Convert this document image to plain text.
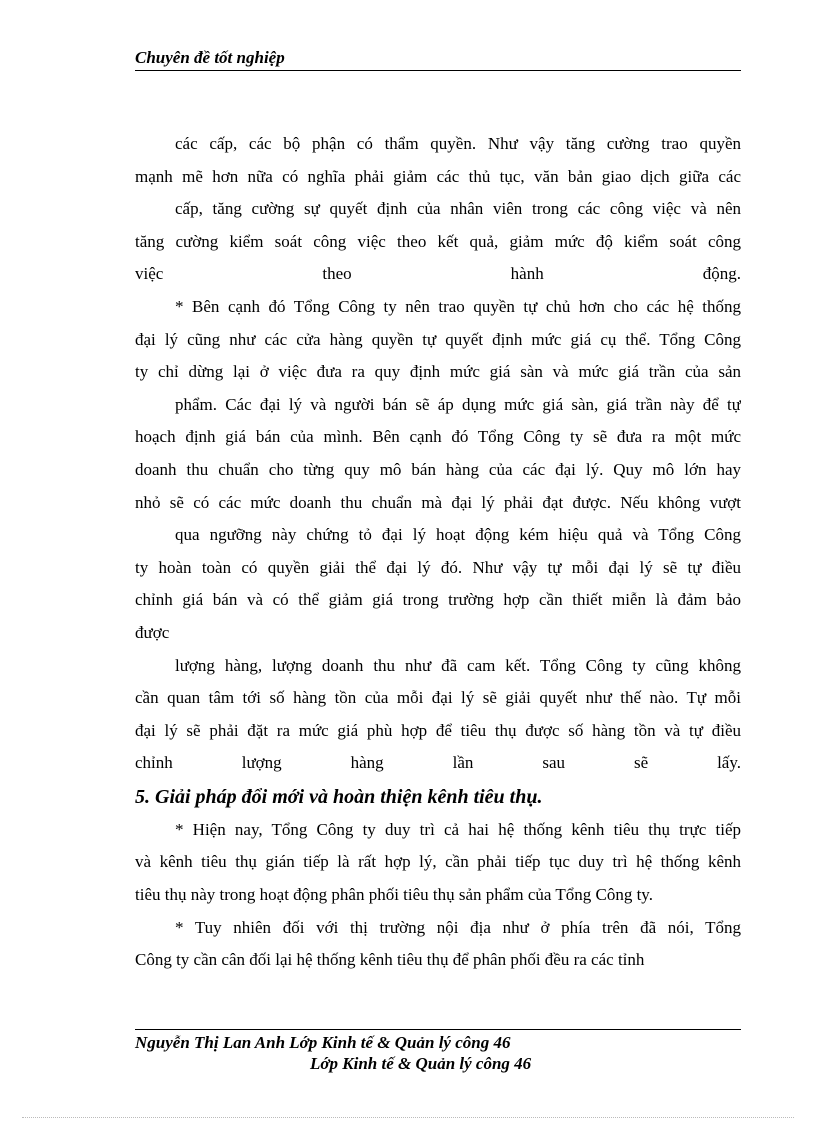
Chuyên đề tốt nghiệp
các cấp, các bộ phận có thẩm quyền. Như vậy tăng cường trao quyền
mạnh mẽ hơn nữa có nghĩa phải giảm các thủ tục, văn bản giao dịch giữa các
cấp, tăng cường sự quyết định của nhân viên trong các công việc và nên
tăng cường kiểm soát công việc theo kết quả, giảm mức độ kiểm soát công
việc theo hành động.
* Bên cạnh đó Tổng Công ty nên trao quyền tự chủ hơn cho các hệ thống
đại lý cũng như các cửa hàng quyền tự quyết định mức giá cụ thể. Tổng Công
ty chỉ dừng lại ở việc đưa ra quy định mức giá sàn và mức giá trần của sản
phẩm. Các đại lý và người bán sẽ áp dụng mức giá sàn, giá trần này để tự
hoạch định giá bán của mình. Bên cạnh đó Tổng Công ty sẽ đưa ra một mức
doanh thu chuẩn cho từng quy mô bán hàng của các đại lý. Quy mô lớn hay
nhỏ sẽ có các mức doanh thu chuẩn mà đại lý phải đạt được. Nếu không vượt
qua ngưỡng này chứng tỏ đại lý hoạt động kém hiệu quả và Tổng Công
ty hoàn toàn có quyền giải thể đại lý đó. Như vậy tự mỗi đại lý sẽ tự điều
chỉnh giá bán và có thể giảm giá trong trường hợp cần thiết miễn là đảm bảo
được
lượng hàng, lượng doanh thu như đã cam kết. Tổng Công ty cũng không
cần quan tâm tới số hàng tồn của mỗi đại lý sẽ giải quyết như thế nào. Tự mỗi
đại lý sẽ phải đặt ra mức giá phù hợp để tiêu thụ được số hàng tồn và tự điều
chỉnh lượng hàng lần sau sẽ lấy.
5. Giải pháp đổi mới và hoàn thiện kênh tiêu thụ.
* Hiện nay, Tổng Công ty duy trì cả hai hệ thống kênh tiêu thụ trực tiếp
và kênh tiêu thụ gián tiếp là rất hợp lý, cần phải tiếp tục duy trì hệ thống kênh
tiêu thụ này trong hoạt động phân phối tiêu thụ sản phẩm của Tổng Công ty.
* Tuy nhiên đối với thị trường nội địa như ở phía trên đã nói, Tổng
Công ty cần cân đối lại hệ thống kênh tiêu thụ để phân phối đều ra các tỉnh
Nguyễn Thị Lan Anh Lớp Kinh tế & Quản lý công 46
Lớp Kinh tế & Quản lý công 46
